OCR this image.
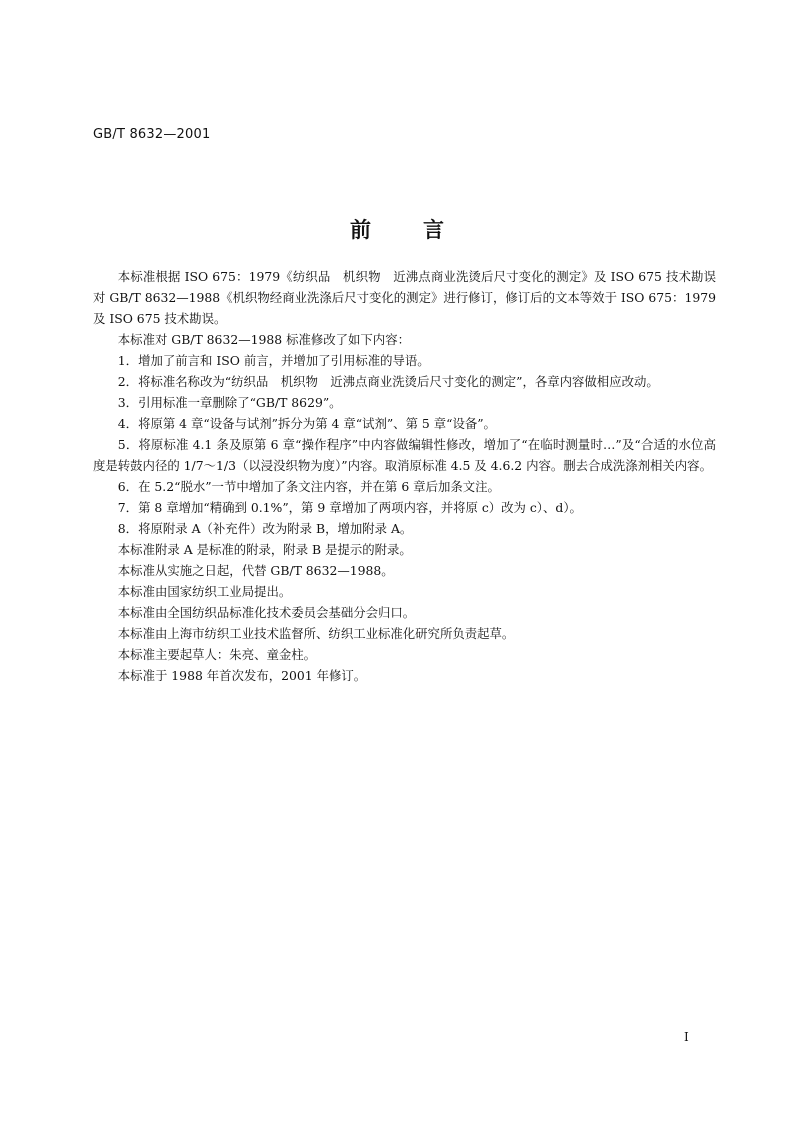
GB/T 8632—2001
前 言

本标准根据 ISO 675：1979《纺织品　机织物　近沸点商业洗烫后尺寸变化的测定》及 ISO 675 技术勘误对 GB/T 8632—1988《机织物经商业洗涤后尺寸变化的测定》进行修订，修订后的文本等效于 ISO 675：1979 及 ISO 675 技术勘误。

本标准对 GB/T 8632—1988 标准修改了如下内容：

1．增加了前言和 ISO 前言，并增加了引用标准的导语。

2．将标准名称改为“纺织品　机织物　近沸点商业洗烫后尺寸变化的测定”，各章内容做相应改动。

3．引用标准一章删除了“GB/T 8629”。

4．将原第 4 章“设备与试剂”拆分为第 4 章“试剂”、第 5 章“设备”。

5．将原标准 4.1 条及原第 6 章“操作程序”中内容做编辑性修改，增加了“在临时测量时…”及“合适的水位高度是转鼓内径的 1/7～1/3（以浸没织物为度）”内容。取消原标准 4.5 及 4.6.2 内容。删去合成洗涤剂相关内容。

6．在 5.2“脱水”一节中增加了条文注内容，并在第 6 章后加条文注。

7．第 8 章增加“精确到 0.1%”，第 9 章增加了两项内容，并将原 c）改为 c）、d）。

8．将原附录 A（补充件）改为附录 B，增加附录 A。

本标准附录 A 是标准的附录，附录 B 是提示的附录。

本标准从实施之日起，代替 GB/T 8632—1988。

本标准由国家纺织工业局提出。

本标准由全国纺织品标准化技术委员会基础分会归口。

本标准由上海市纺织工业技术监督所、纺织工业标准化研究所负责起草。

本标准主要起草人：朱亮、童金柱。

本标准于 1988 年首次发布，2001 年修订。

I
